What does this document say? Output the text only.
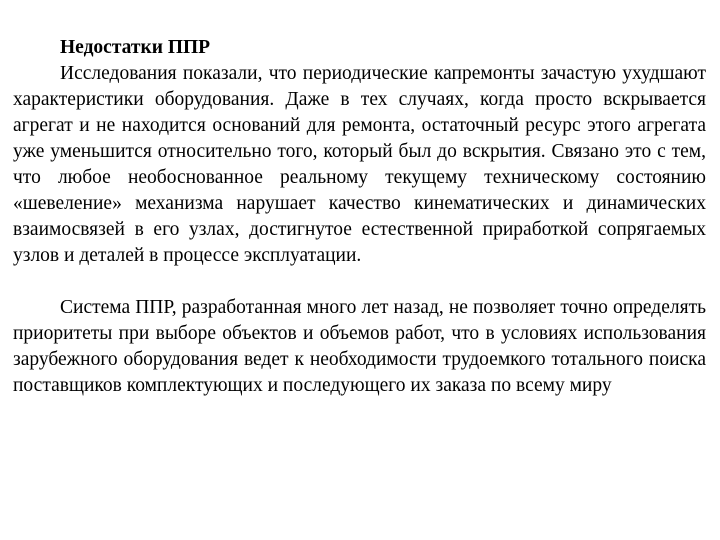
Недостатки ППР

Исследования показали, что периодические капремонты зачастую ухудшают характеристики оборудования. Даже в тех случаях, когда просто вскрывается агрегат и не находится оснований для ремонта, остаточный ресурс этого агрегата уже уменьшится относительно того, который был до вскрытия. Связано это с тем, что любое необоснованное реальному текущему техническому состоянию «шевеление» механизма нарушает качество кинематических и динамических взаимосвязей в его узлах, достигнутое естественной приработкой сопрягаемых узлов и деталей в процессе эксплуатации.

Система ППР, разработанная много лет назад, не позволяет точно определять приоритеты при выборе объектов и объемов работ, что в условиях использования зарубежного оборудования ведет к необходимости трудоемкого тотального поиска поставщиков комплектующих и последующего их заказа по всему миру
